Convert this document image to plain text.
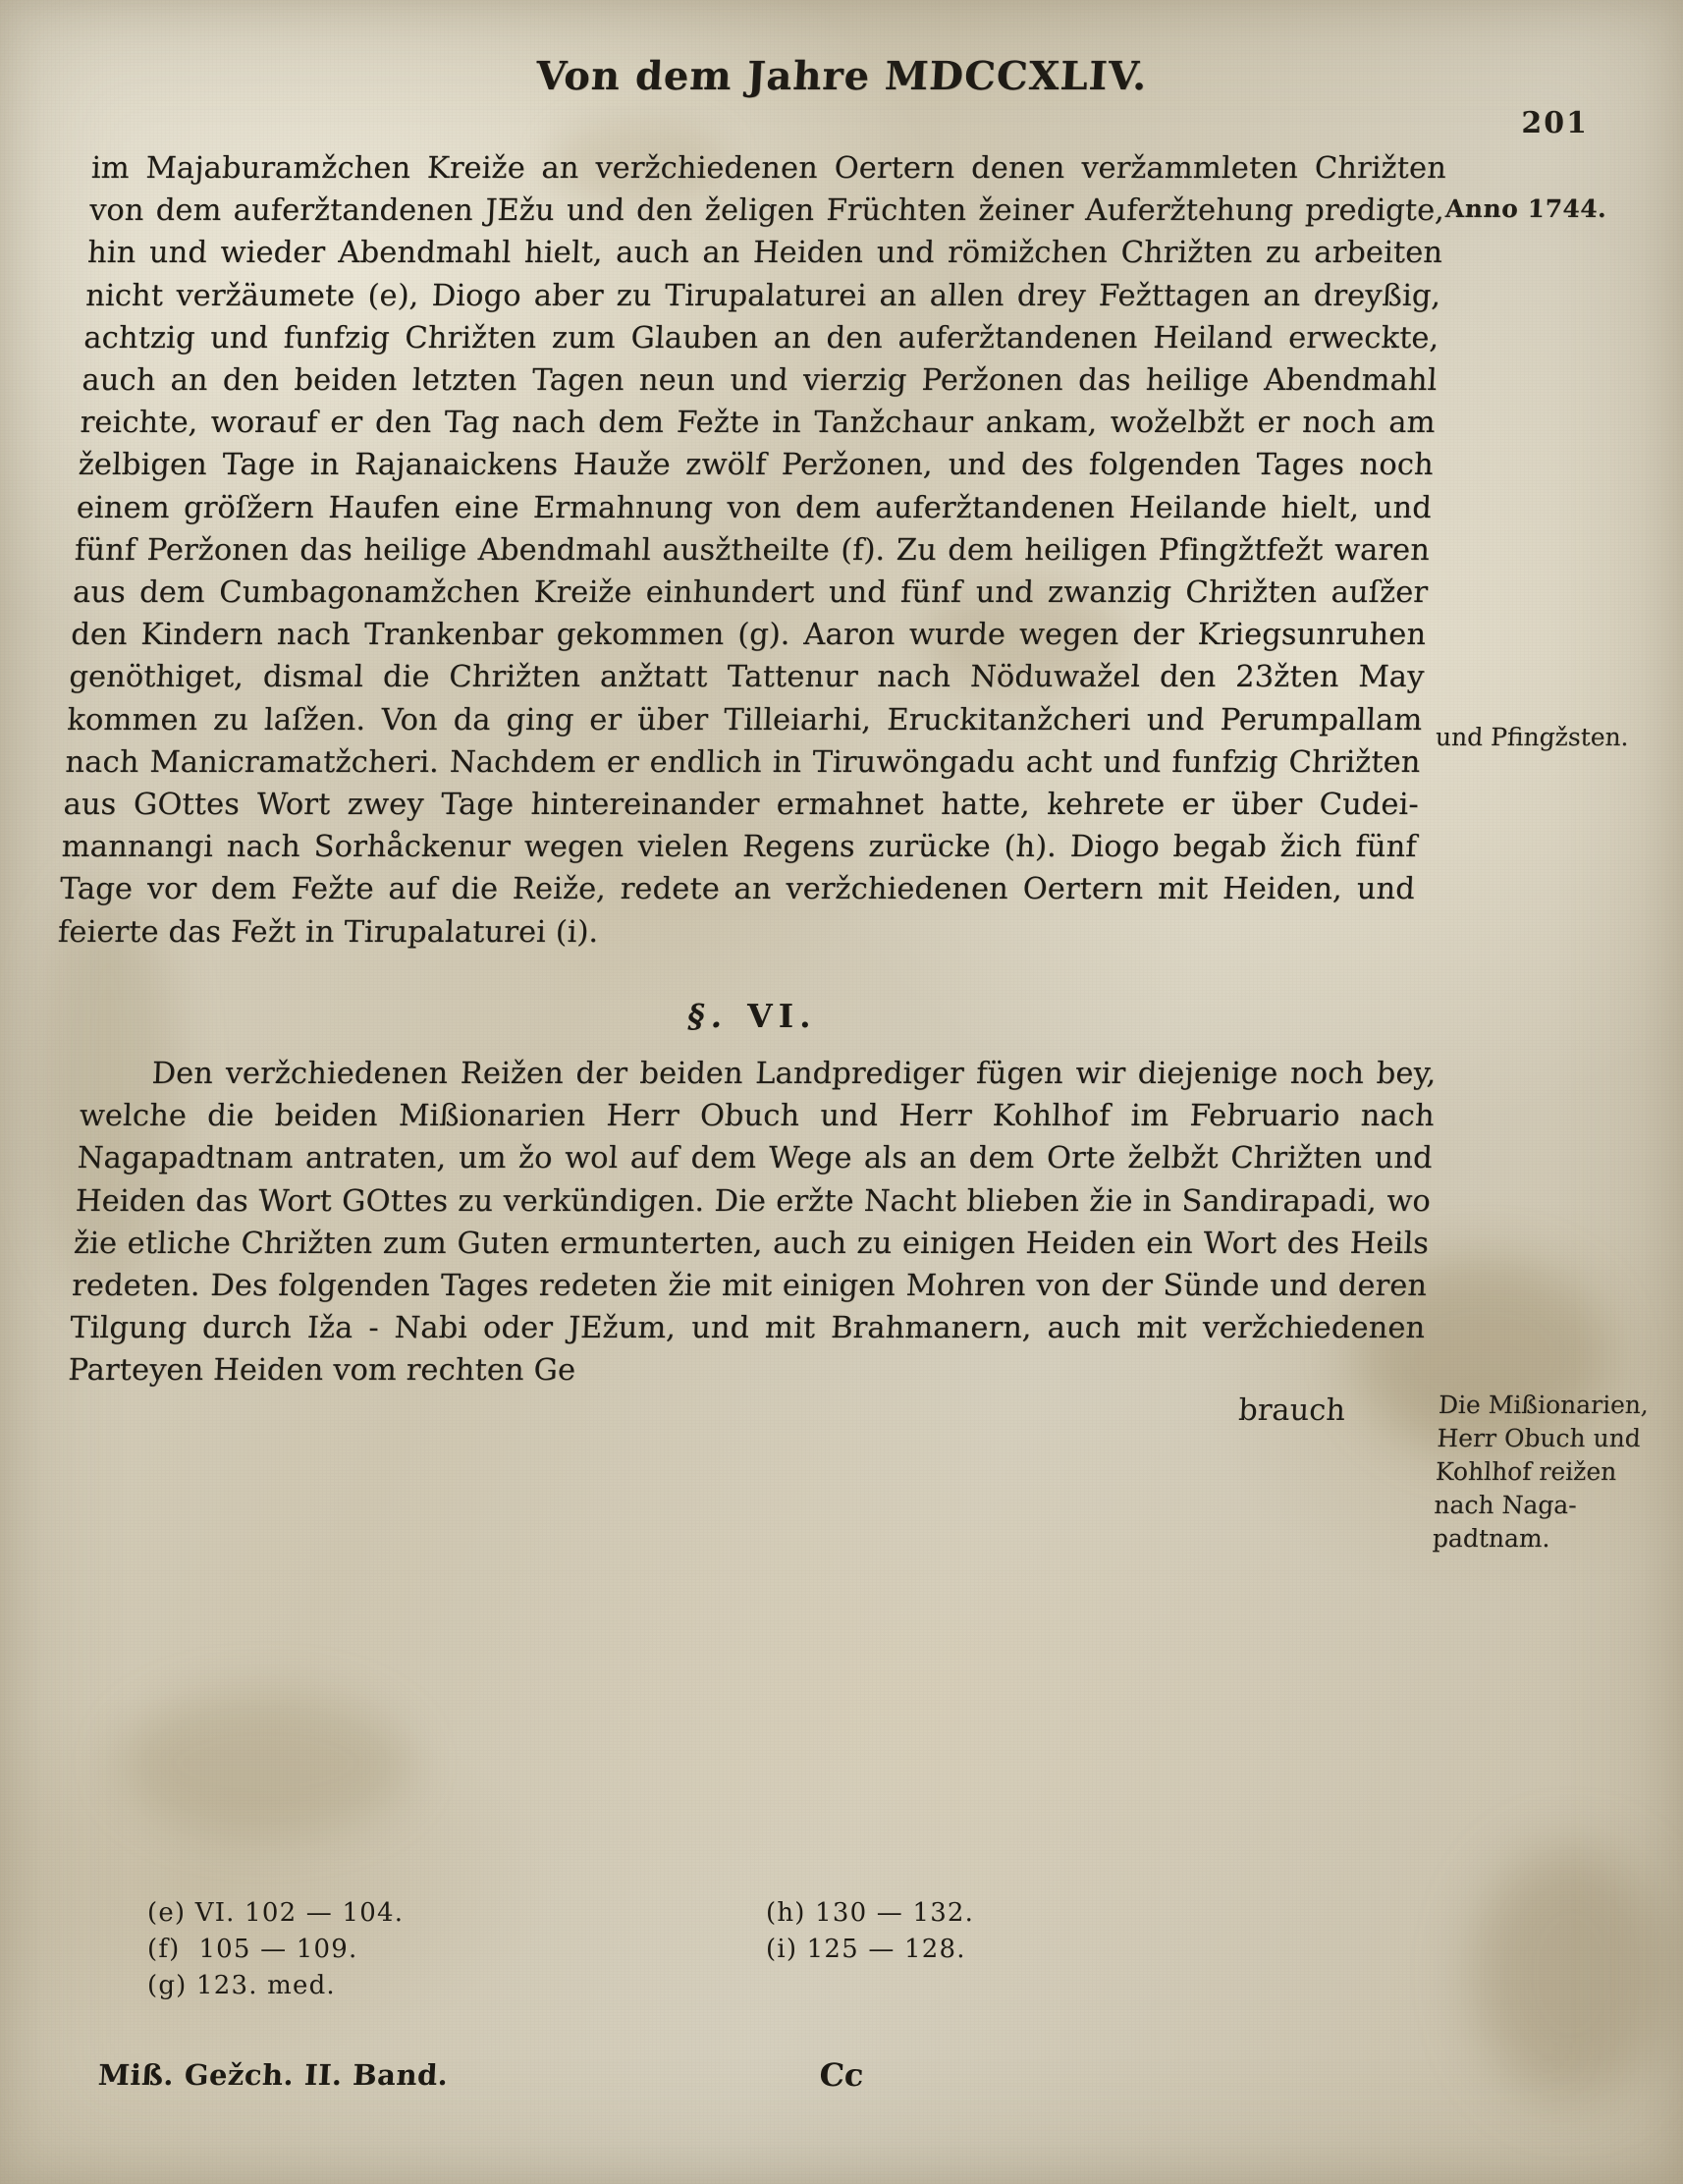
Von dem Jahre MDCCXLIV.
201
Anno 1744.
und Pfingžsten.
Die Mißionarien, Herr Obuch und Kohlhof reižen nach Nagapadtnam.

im Majaburamžchen Kreiže an veržchiedenen Oertern denen veržammleten Chrižten von dem auferžtandenen JEžu und den želigen Früchten žeiner Auferžtehung predigte, hin und wieder Abendmahl hielt, auch an Heiden und römižchen Chrižten zu arbeiten nicht veržäumete (e), Diogo aber zu Tirupalaturei an allen drey Fežttagen an dreyßig, achtzig und funfzig Chrižten zum Glauben an den auferžtandenen Heiland erweckte, auch an den beiden letzten Tagen neun und vierzig Peržonen das heilige Abendmahl reichte, worauf er den Tag nach dem Fežte in Tanžchaur ankam, woželbžt er noch am želbigen Tage in Rajanaickens Hauže zwölf Peržonen, und des folgenden Tages noch einem gröſžern Haufen eine Ermahnung von dem auferžtandenen Heilande hielt, und fünf Peržonen das heilige Abendmahl ausžtheilte (f). Zu dem heiligen Pfingžtfežt waren aus dem Cumbagonamžchen Kreiže einhundert und fünf und zwanzig Chrižten auſžer den Kindern nach Trankenbar gekommen (g). Aaron wurde wegen der Kriegsunruhen genöthiget, dismal die Chrižten anžtatt Tattenur nach Nöduwažel den 23žten May kommen zu laſžen. Von da ging er über Tilleiarhi, Eruckitanžcheri und Perumpallam nach Manicramatžcheri. Nachdem er endlich in Tiruwöngadu acht und funfzig Chrižten aus GOttes Wort zwey Tage hintereinander ermahnet hatte, kehrete er über Cudeimannangi nach Sorhåckenur wegen vielen Regens zurücke (h). Diogo begab žich fünf Tage vor dem Fežte auf die Reiže, redete an veržchiedenen Oertern mit Heiden, und feierte das Fežt in Tirupalaturei (i).

§. VI.

Den veržchiedenen Reižen der beiden Landprediger fügen wir diejenige noch bey, welche die beiden Mißionarien Herr Obuch und Herr Kohlhof im Februario nach Nagapadtnam antraten, um žo wol auf dem Wege als an dem Orte želbžt Chrižten und Heiden das Wort GOttes zu verkündigen. Die eržte Nacht blieben žie in Sandirapadi, wo žie etliche Chrižten zum Guten ermunterten, auch zu einigen Heiden ein Wort des Heils redeten. Des folgenden Tages redeten žie mit einigen Mohren von der Sünde und deren Tilgung durch Iža - Nabi oder JEžum, und mit Brahmanern, auch mit veržchiedenen Parteyen Heiden vom rechten Ge

brauch

(e) VI. 102 — 104.
(f)  105 — 109.
(g) 123. med.
(h) 130 — 132.
(i) 125 — 128.
Miß. Gežch. II. Band.	Cc
